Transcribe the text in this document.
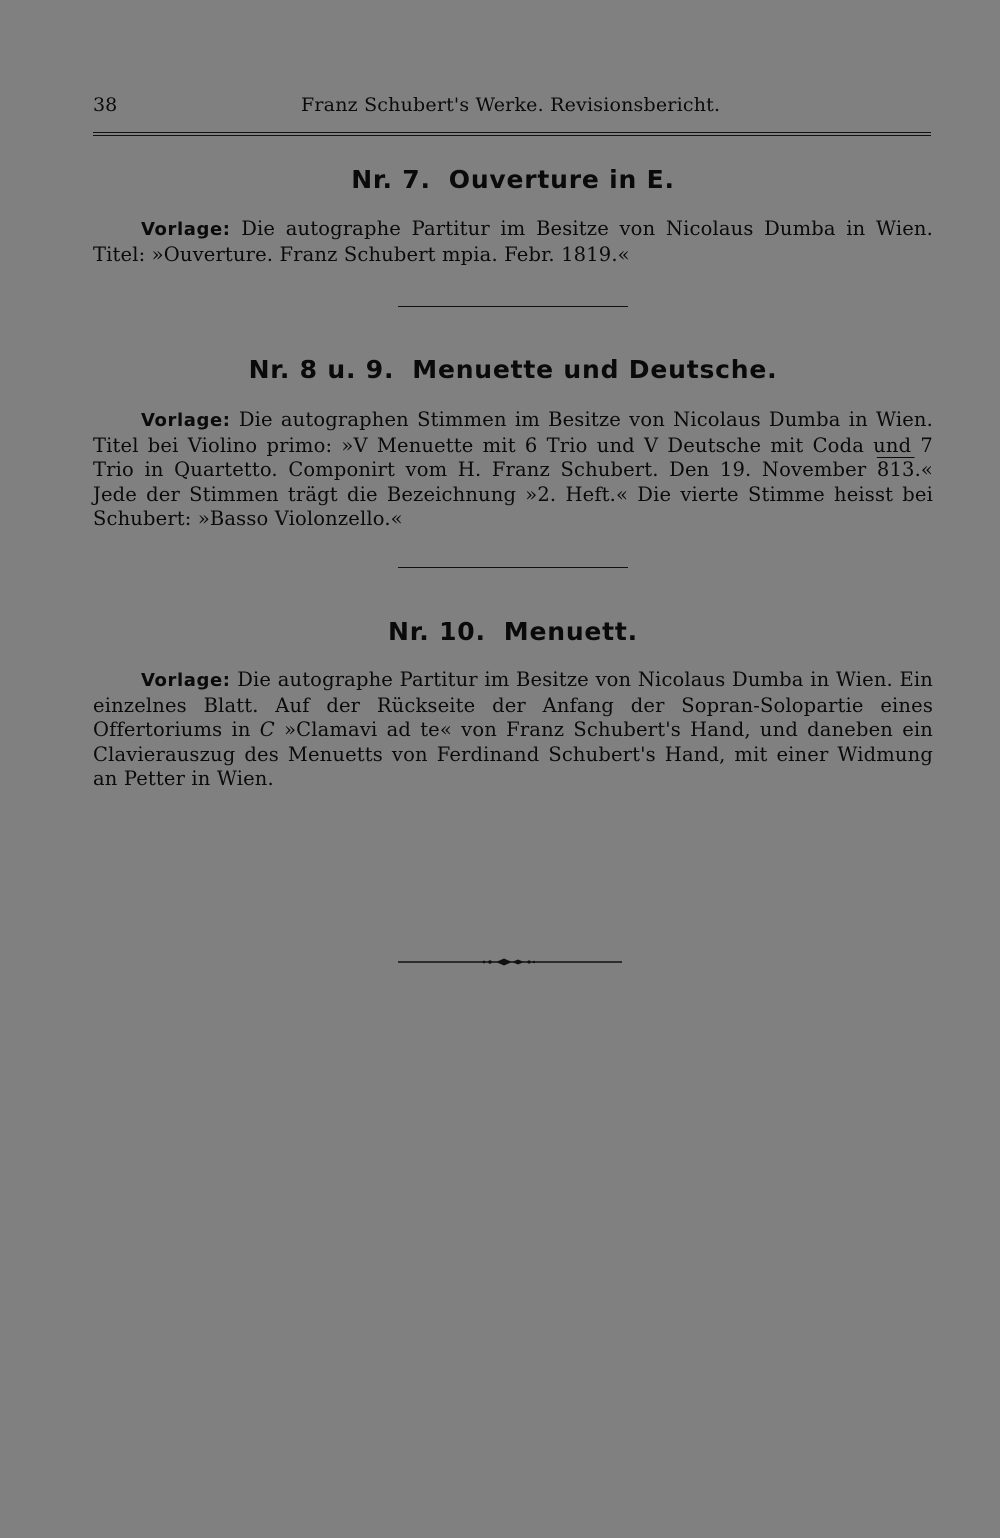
38	Franz Schubert's Werke. Revisionsbericht.
Nr. 7. Ouverture in E.
Vorlage: Die autographe Partitur im Besitze von Nicolaus Dumba in Wien.
Titel: »Ouverture. Franz Schubert mpia. Febr. 1819.«
Nr. 8 u. 9. Menuette und Deutsche.
Vorlage: Die autographen Stimmen im Besitze von Nicolaus Dumba in Wien. Titel bei Violino primo: »V Menuette mit 6 Trio und V Deutsche mit Coda und 7 Trio in Quartetto. Componirt vom H. Franz Schubert. Den 19. November 813.« Jede der Stimmen trägt die Bezeichnung »2. Heft.« Die vierte Stimme heisst bei Schubert: »Basso Violonzello.«
Nr. 10. Menuett.
Vorlage: Die autographe Partitur im Besitze von Nicolaus Dumba in Wien. Ein einzelnes Blatt. Auf der Rückseite der Anfang der Sopran-Solopartie eines Offertoriums in C »Clamavi ad te« von Franz Schubert's Hand, und daneben ein Clavierauszug des Menuetts von Ferdinand Schubert's Hand, mit einer Widmung an Petter in Wien.
